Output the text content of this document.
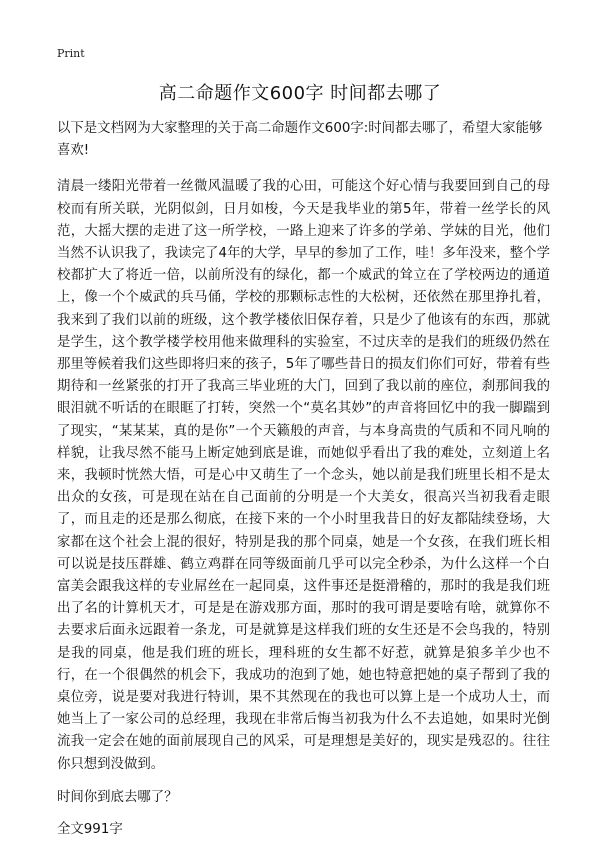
Print
高二命题作文600字 时间都去哪了

以下是文档网为大家整理的关于高二命题作文600字:时间都去哪了，希望大家能够喜欢!

清晨一缕阳光带着一丝微风温暖了我的心田，可能这个好心情与我要回到自己的母校而有所关联，光阴似剑，日月如梭，今天是我毕业的第5年，带着一丝学长的风范，大摇大摆的走进了这一所学校，一路上迎来了许多的学弟、学妹的目光，他们当然不认识我了，我读完了4年的大学，早早的参加了工作，哇！多年没来，整个学校都扩大了将近一倍，以前所没有的绿化，都一个威武的耸立在了学校两边的通道上，像一个个威武的兵马俑，学校的那颗标志性的大松树，还依然在那里挣扎着，我来到了我们以前的班级，这个教学楼依旧保存着，只是少了他该有的东西，那就是学生，这个教学楼学校用他来做理科的实验室，不过庆幸的是我们的班级仍然在那里等候着我们这些即将归来的孩子，5年了哪些昔日的损友们你们可好，带着有些期待和一丝紧张的打开了我高三毕业班的大门，回到了我以前的座位，刹那间我的眼泪就不听话的在眼眶了打转，突然一个“莫名其妙”的声音将回忆中的我一脚踹到了现实，“某某某，真的是你”一个天籁般的声音，与本身高贵的气质和不同凡响的样貌，让我尽然不能马上断定她到底是谁，而她似乎看出了我的难处，立刻道上名来，我顿时恍然大悟，可是心中又萌生了一个念头，她以前是我们班里长相不是太出众的女孩，可是现在站在自己面前的分明是一个大美女，很高兴当初我看走眼了，而且走的还是那么彻底，在接下来的一个小时里我昔日的好友都陆续登场，大家都在这个社会上混的很好，特别是我的那个同桌，她是一个女孩，在我们班长相可以说是技压群雄、鹤立鸡群在同等级面前几乎可以完全秒杀，为什么这样一个白富美会跟我这样的专业屌丝在一起同桌，这件事还是挺滑稽的，那时的我是我们班出了名的计算机天才，可是是在游戏那方面，那时的我可谓是要啥有啥，就算你不去要求后面永远跟着一条龙，可是就算是这样我们班的女生还是不会鸟我的，特别是我的同桌，他是我们班的班长，理科班的女生都不好惹，就算是狼多羊少也不行，在一个很偶然的机会下，我成功的泡到了她，她也特意把她的桌子帮到了我的桌位旁，说是要对我进行特训，果不其然现在的我也可以算上是一个成功人士，而她当上了一家公司的总经理，我现在非常后悔当初我为什么不去追她，如果时光倒流我一定会在她的面前展现自己的风采，可是理想是美好的，现实是残忍的。往往你只想到没做到。

时间你到底去哪了？

全文991字
